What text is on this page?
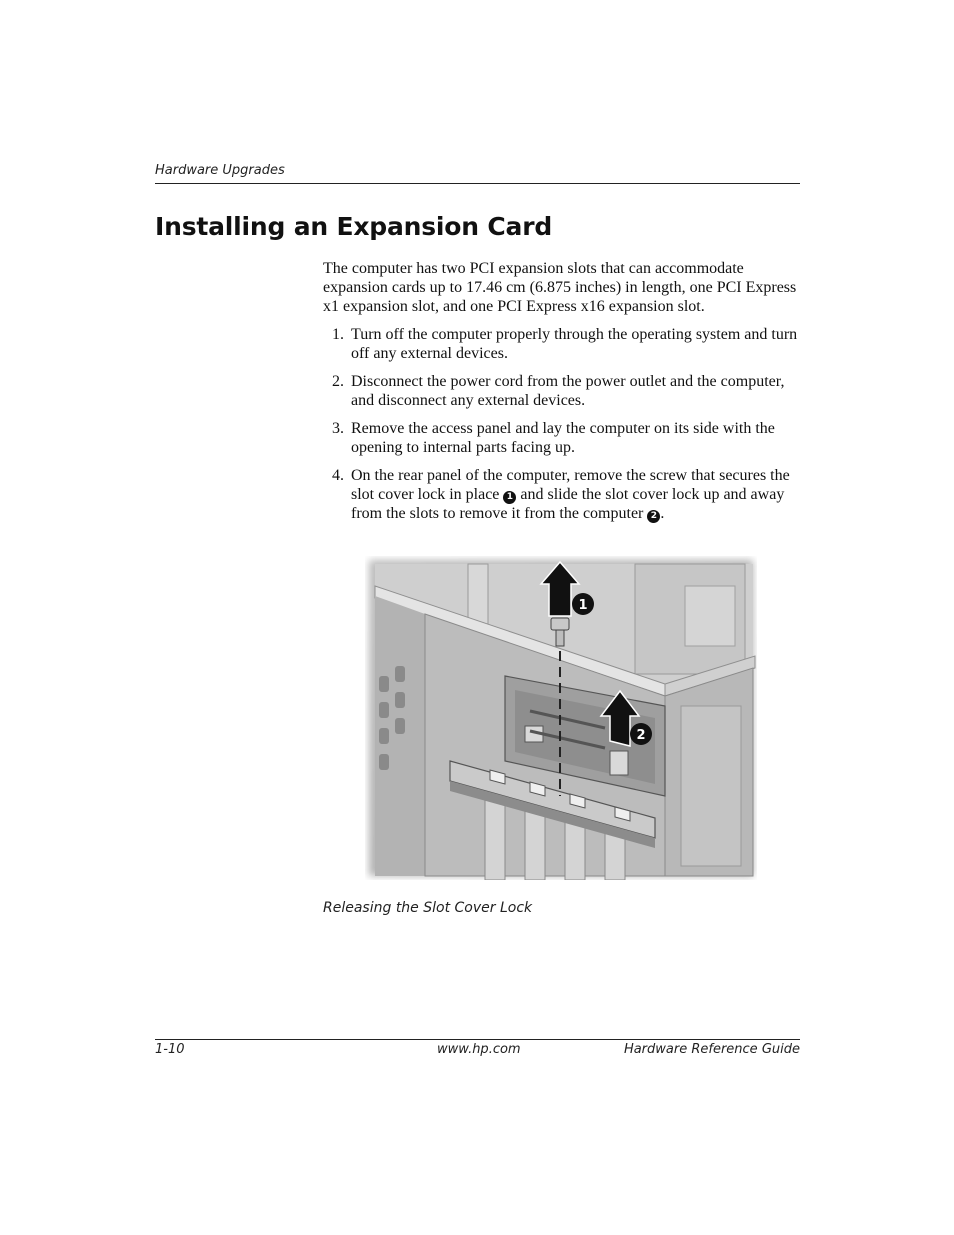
Hardware Upgrades
Installing an Expansion Card

The computer has two PCI expansion slots that can accommodate expansion cards up to 17.46 cm (6.875 inches) in length, one PCI Express x1 expansion slot, and one PCI Express x16 expansion slot.

1. Turn off the computer properly through the operating system and turn off any external devices.
2. Disconnect the power cord from the power outlet and the computer, and disconnect any external devices.
3. Remove the access panel and lay the computer on its side with the opening to internal parts facing up.
4. On the rear panel of the computer, remove the screw that secures the slot cover lock in place 1 and slide the slot cover lock up and away from the slots to remove it from the computer 2 .
1
2
Releasing the Slot Cover Lock
1-10	www.hp.com	Hardware Reference Guide
